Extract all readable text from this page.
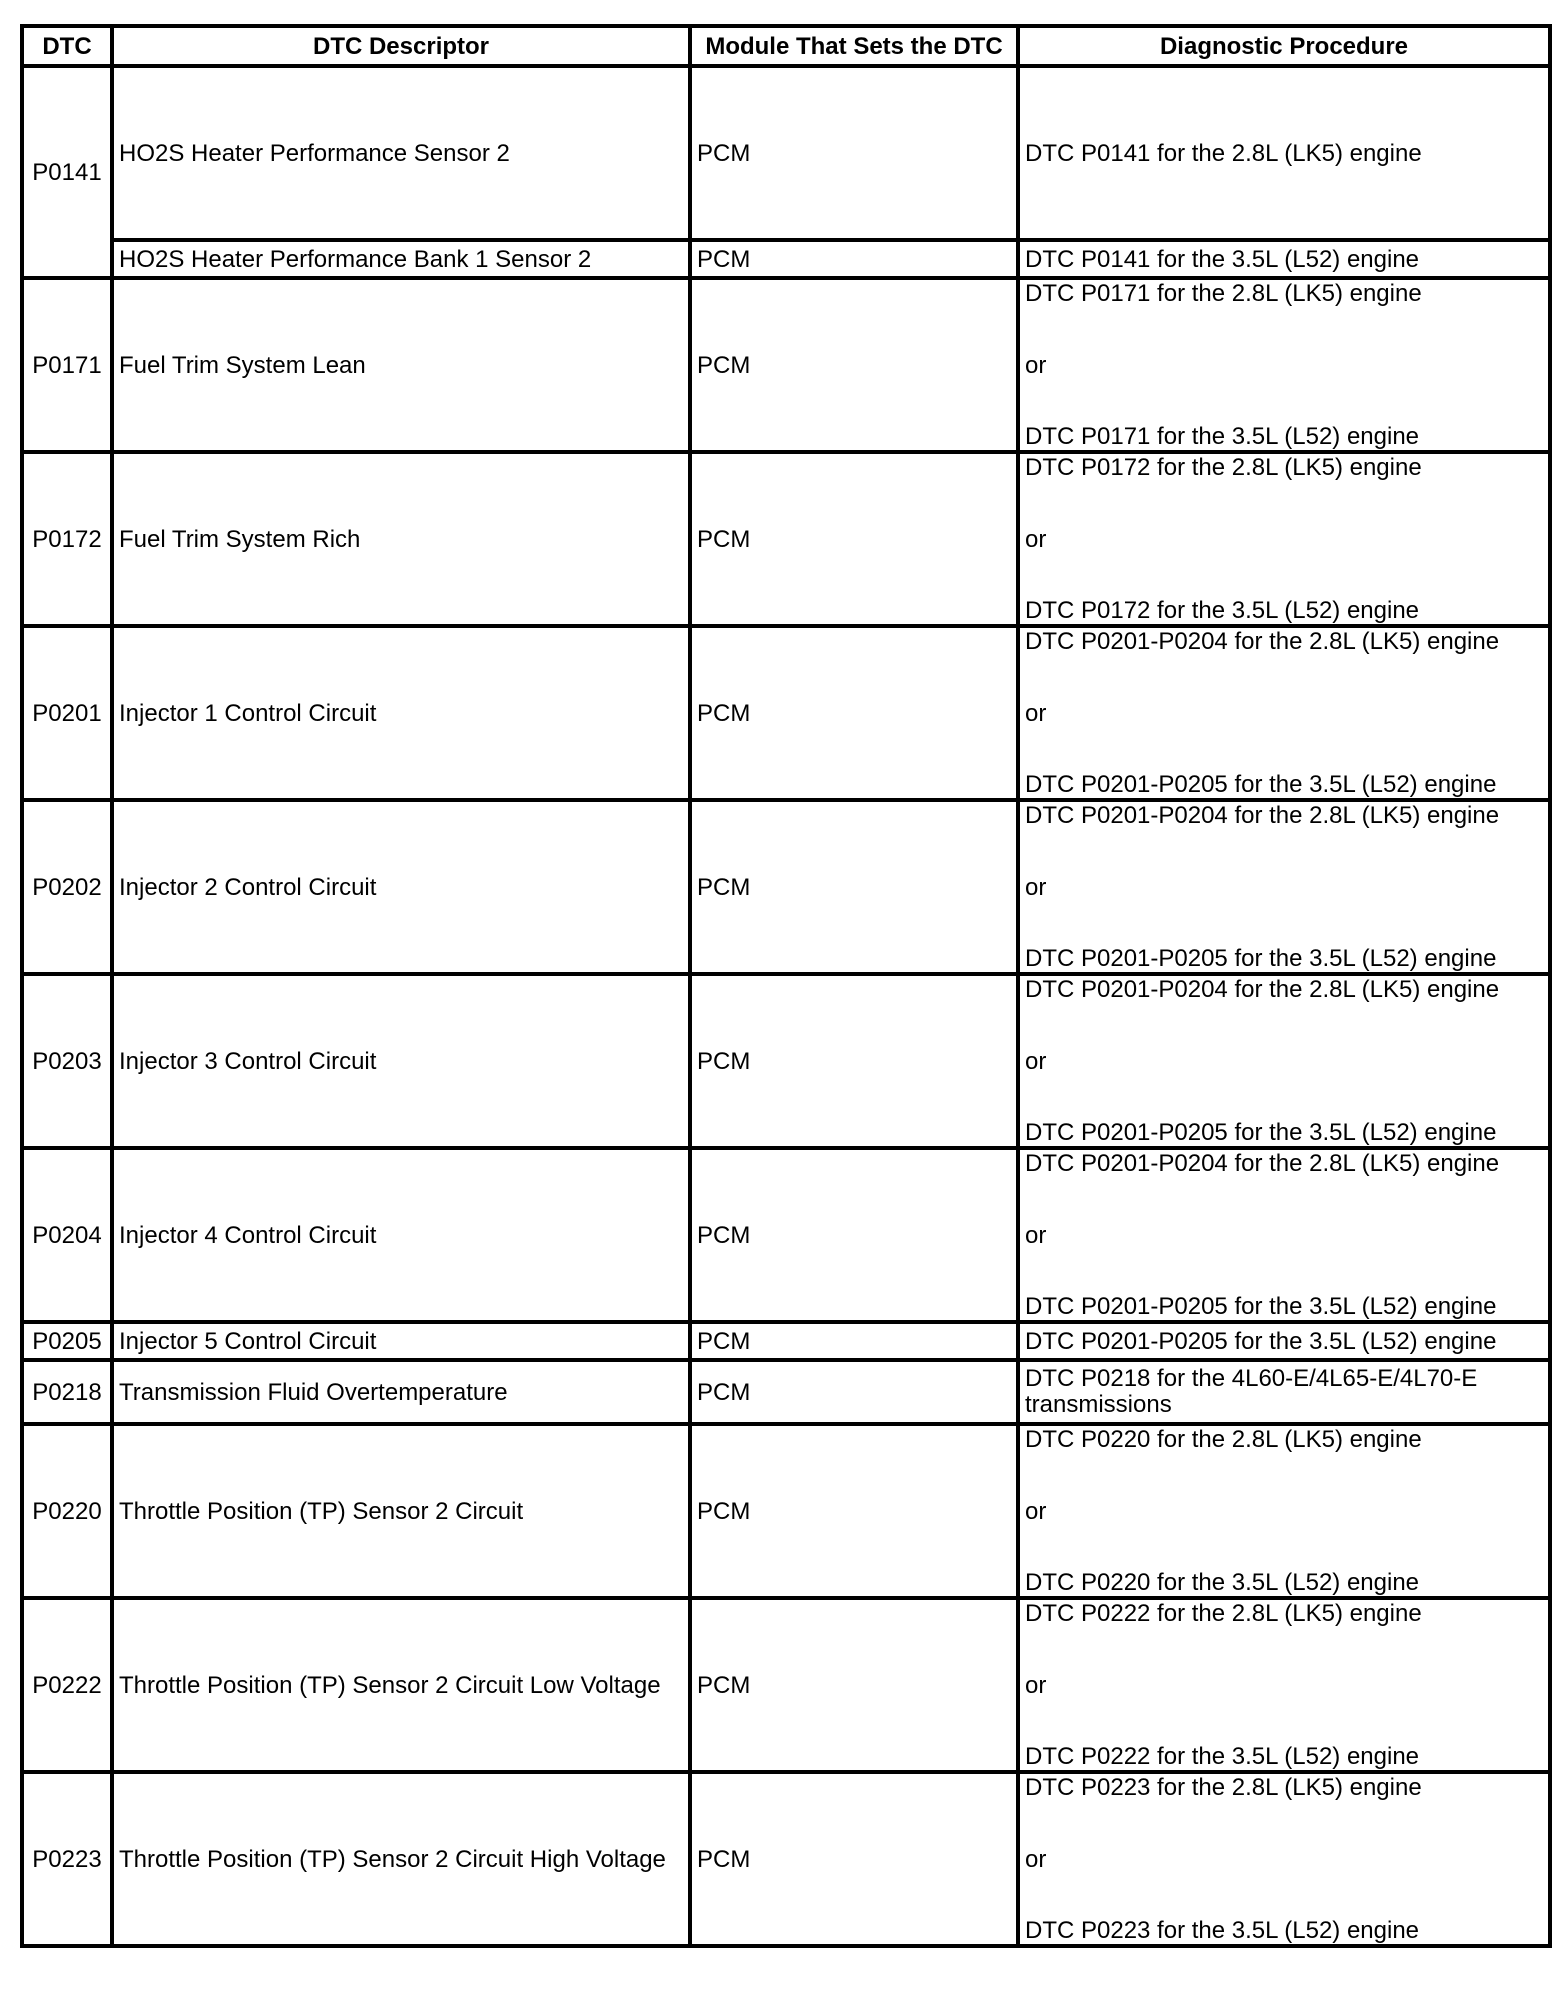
DTC	DTC Descriptor	Module That Sets the DTC	Diagnostic Procedure
P0141	HO2S Heater Performance Sensor 2	PCM	DTC P0141 for the 2.8L (LK5) engine

	HO2S Heater Performance Bank 1 Sensor 2	PCM	DTC P0141 for the 3.5L (L52) engine

P0171	Fuel Trim System Lean	PCM	DTC P0171 for the 2.8L (LK5) engine
or
DTC P0171 for the 3.5L (L52) engine

P0172	Fuel Trim System Rich	PCM	DTC P0172 for the 2.8L (LK5) engine
or
DTC P0172 for the 3.5L (L52) engine

P0201	Injector 1 Control Circuit	PCM	DTC P0201-P0204 for the 2.8L (LK5) engine
or
DTC P0201-P0205 for the 3.5L (L52) engine

P0202	Injector 2 Control Circuit	PCM	DTC P0201-P0204 for the 2.8L (LK5) engine
or
DTC P0201-P0205 for the 3.5L (L52) engine

P0203	Injector 3 Control Circuit	PCM	DTC P0201-P0204 for the 2.8L (LK5) engine
or
DTC P0201-P0205 for the 3.5L (L52) engine

P0204	Injector 4 Control Circuit	PCM	DTC P0201-P0204 for the 2.8L (LK5) engine
or
DTC P0201-P0205 for the 3.5L (L52) engine

P0205	Injector 5 Control Circuit	PCM	DTC P0201-P0205 for the 3.5L (L52) engine

P0218	Transmission Fluid Overtemperature	PCM	DTC P0218 for the 4L60-E/4L65-E/4L70-E transmissions

P0220	Throttle Position (TP) Sensor 2 Circuit	PCM	DTC P0220 for the 2.8L (LK5) engine
or
DTC P0220 for the 3.5L (L52) engine

P0222	Throttle Position (TP) Sensor 2 Circuit Low Voltage	PCM	DTC P0222 for the 2.8L (LK5) engine
or
DTC P0222 for the 3.5L (L52) engine

P0223	Throttle Position (TP) Sensor 2 Circuit High Voltage	PCM	DTC P0223 for the 2.8L (LK5) engine
or
DTC P0223 for the 3.5L (L52) engine
